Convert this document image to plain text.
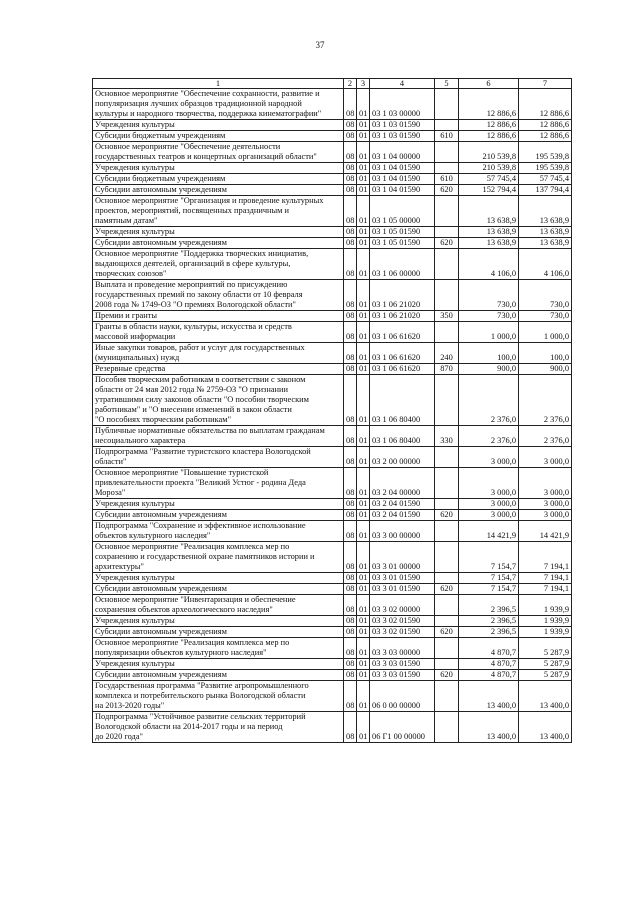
37
1	2	3	4	5	6	7
Основное мероприятие "Обеспечение сохранности, развитие и
популяризация лучших образцов традиционной народной
культуры и народного творчества, поддержка кинематографии"	08	01	03 1 03 00000		12 886,6	12 886,6
Учреждения культуры	08	01	03 1 03 01590		12 886,6	12 886,6
Субсидии бюджетным учреждениям	08	01	03 1 03 01590	610	12 886,6	12 886,6
Основное мероприятие "Обеспечение деятельности
государственных театров и концертных организаций области"	08	01	03 1 04 00000		210 539,8	195 539,8
Учреждения культуры	08	01	03 1 04 01590		210 539,8	195 539,8
Субсидии бюджетным учреждениям	08	01	03 1 04 01590	610	57 745,4	57 745,4
Субсидии автономным учреждениям	08	01	03 1 04 01590	620	152 794,4	137 794,4
Основное мероприятие "Организация и проведение культурных
проектов, мероприятий, посвященных праздничным и
памятным датам"	08	01	03 1 05 00000		13 638,9	13 638,9
Учреждения культуры	08	01	03 1 05 01590		13 638,9	13 638,9
Субсидии автономным учреждениям	08	01	03 1 05 01590	620	13 638,9	13 638,9
Основное мероприятие "Поддержка творческих инициатив,
выдающихся деятелей, организаций в сфере культуры,
творческих союзов"	08	01	03 1 06 00000		4 106,0	4 106,0
Выплата и проведение мероприятий по присуждению
государственных премий по закону области от 10 февраля
2008 года № 1749-ОЗ "О премиях Вологодской области"	08	01	03 1 06 21020		730,0	730,0
Премии и гранты	08	01	03 1 06 21020	350	730,0	730,0
Гранты в области науки, культуры, искусства и средств
массовой информации	08	01	03 1 06 61620		1 000,0	1 000,0
Иные закупки товаров, работ и услуг для государственных
(муниципальных) нужд	08	01	03 1 06 61620	240	100,0	100,0
Резервные средства	08	01	03 1 06 61620	870	900,0	900,0
Пособия творческим работникам в соответствии с законом
области от 24 мая 2012 года № 2759-ОЗ "О признании
утратившими силу законов области "О пособии творческим
работникам" и "О внесении изменений в закон области
"О пособиях творческим работникам"	08	01	03 1 06 80400		2 376,0	2 376,0
Публичные нормативные обязательства по выплатам гражданам
несоциального характера	08	01	03 1 06 80400	330	2 376,0	2 376,0
Подпрограмма "Развитие туристского кластера Вологодской
области"	08	01	03 2 00 00000		3 000,0	3 000,0
Основное мероприятие "Повышение туристской
привлекательности проекта "Великий Устюг - родина Деда
Мороза"	08	01	03 2 04 00000		3 000,0	3 000,0
Учреждения культуры	08	01	03 2 04 01590		3 000,0	3 000,0
Субсидии автономным учреждениям	08	01	03 2 04 01590	620	3 000,0	3 000,0
Подпрограмма "Сохранение и эффективное использование
объектов культурного наследия"	08	01	03 3 00 00000		14 421,9	14 421,9
Основное мероприятие "Реализация комплекса мер по
сохранению и государственной охране памятников истории и
архитектуры"	08	01	03 3 01 00000		7 154,7	7 194,1
Учреждения культуры	08	01	03 3 01 01590		7 154,7	7 194,1
Субсидии автономным учреждениям	08	01	03 3 01 01590	620	7 154,7	7 194,1
Основное мероприятие "Инвентаризация и обеспечение
сохранения объектов археологического наследия"	08	01	03 3 02 00000		2 396,5	1 939,9
Учреждения культуры	08	01	03 3 02 01590		2 396,5	1 939,9
Субсидии автономным учреждениям	08	01	03 3 02 01590	620	2 396,5	1 939,9
Основное мероприятие "Реализация комплекса мер по
популяризации объектов культурного наследия"	08	01	03 3 03 00000		4 870,7	5 287,9
Учреждения культуры	08	01	03 3 03 01590		4 870,7	5 287,9
Субсидии автономным учреждениям	08	01	03 3 03 01590	620	4 870,7	5 287,9
Государственная программа "Развитие агропромышленного
комплекса и потребительского рынка Вологодской области
на 2013-2020 годы"	08	01	06 0 00 00000		13 400,0	13 400,0
Подпрограмма "Устойчивое развитие сельских территорий
Вологодской области на 2014-2017 годы и на период
до 2020 года"	08	01	06 Г1 00 00000		13 400,0	13 400,0
